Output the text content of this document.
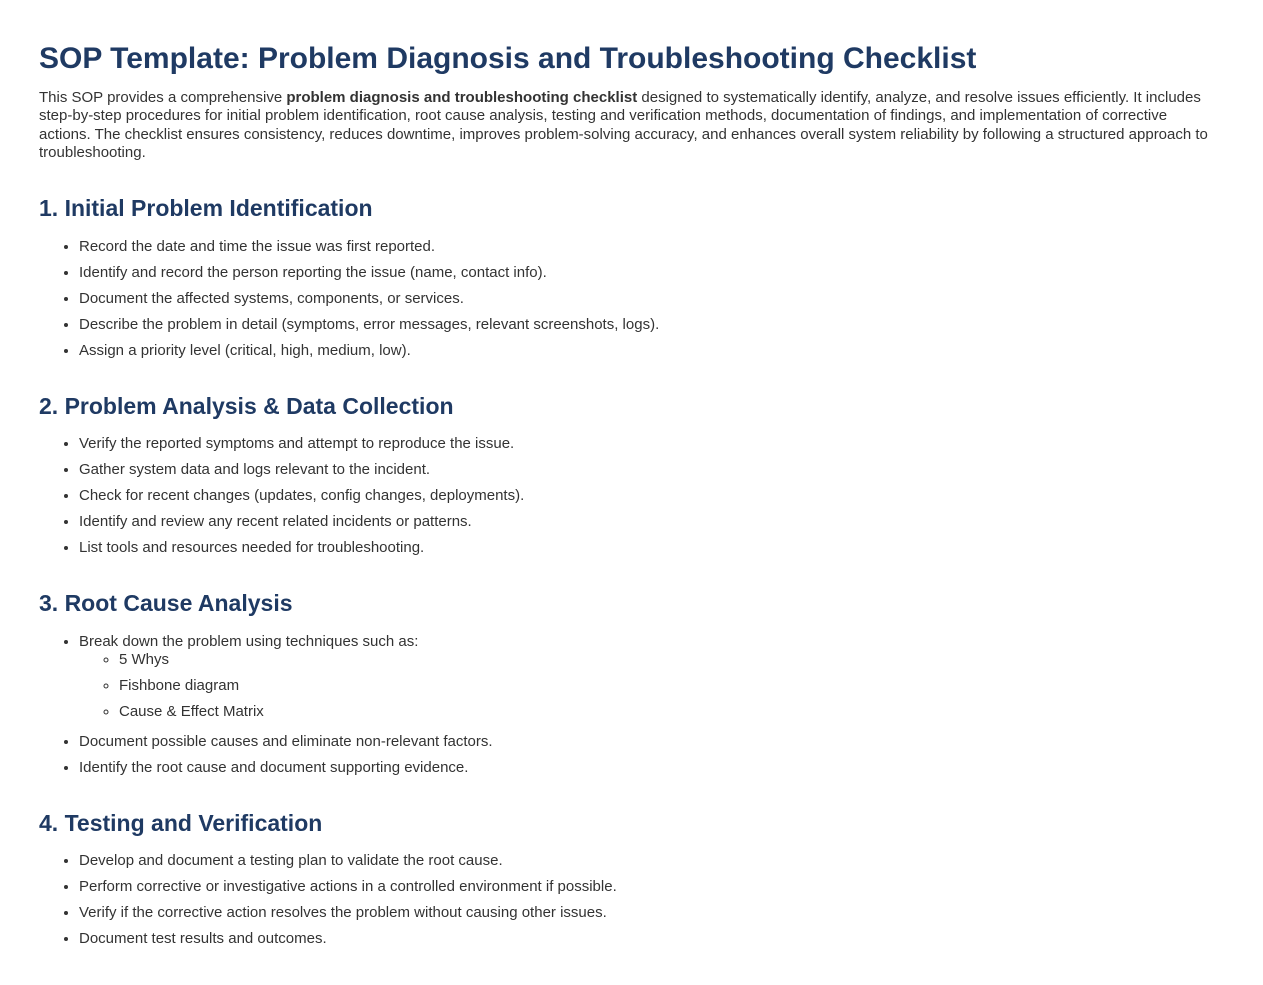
SOP Template: Problem Diagnosis and Troubleshooting Checklist

This SOP provides a comprehensive problem diagnosis and troubleshooting checklist designed to systematically identify, analyze, and resolve issues efficiently. It includes step-by-step procedures for initial problem identification, root cause analysis, testing and verification methods, documentation of findings, and implementation of corrective actions. The checklist ensures consistency, reduces downtime, improves problem-solving accuracy, and enhances overall system reliability by following a structured approach to troubleshooting.

1. Initial Problem Identification
• Record the date and time the issue was first reported.
• Identify and record the person reporting the issue (name, contact info).
• Document the affected systems, components, or services.
• Describe the problem in detail (symptoms, error messages, relevant screenshots, logs).
• Assign a priority level (critical, high, medium, low).
2. Problem Analysis & Data Collection
• Verify the reported symptoms and attempt to reproduce the issue.
• Gather system data and logs relevant to the incident.
• Check for recent changes (updates, config changes, deployments).
• Identify and review any recent related incidents or patterns.
• List tools and resources needed for troubleshooting.
3. Root Cause Analysis
• Break down the problem using techniques such as:
◦ 5 Whys
◦ Fishbone diagram
◦ Cause & Effect Matrix
• Document possible causes and eliminate non-relevant factors.
• Identify the root cause and document supporting evidence.
4. Testing and Verification
• Develop and document a testing plan to validate the root cause.
• Perform corrective or investigative actions in a controlled environment if possible.
• Verify if the corrective action resolves the problem without causing other issues.
• Document test results and outcomes.
